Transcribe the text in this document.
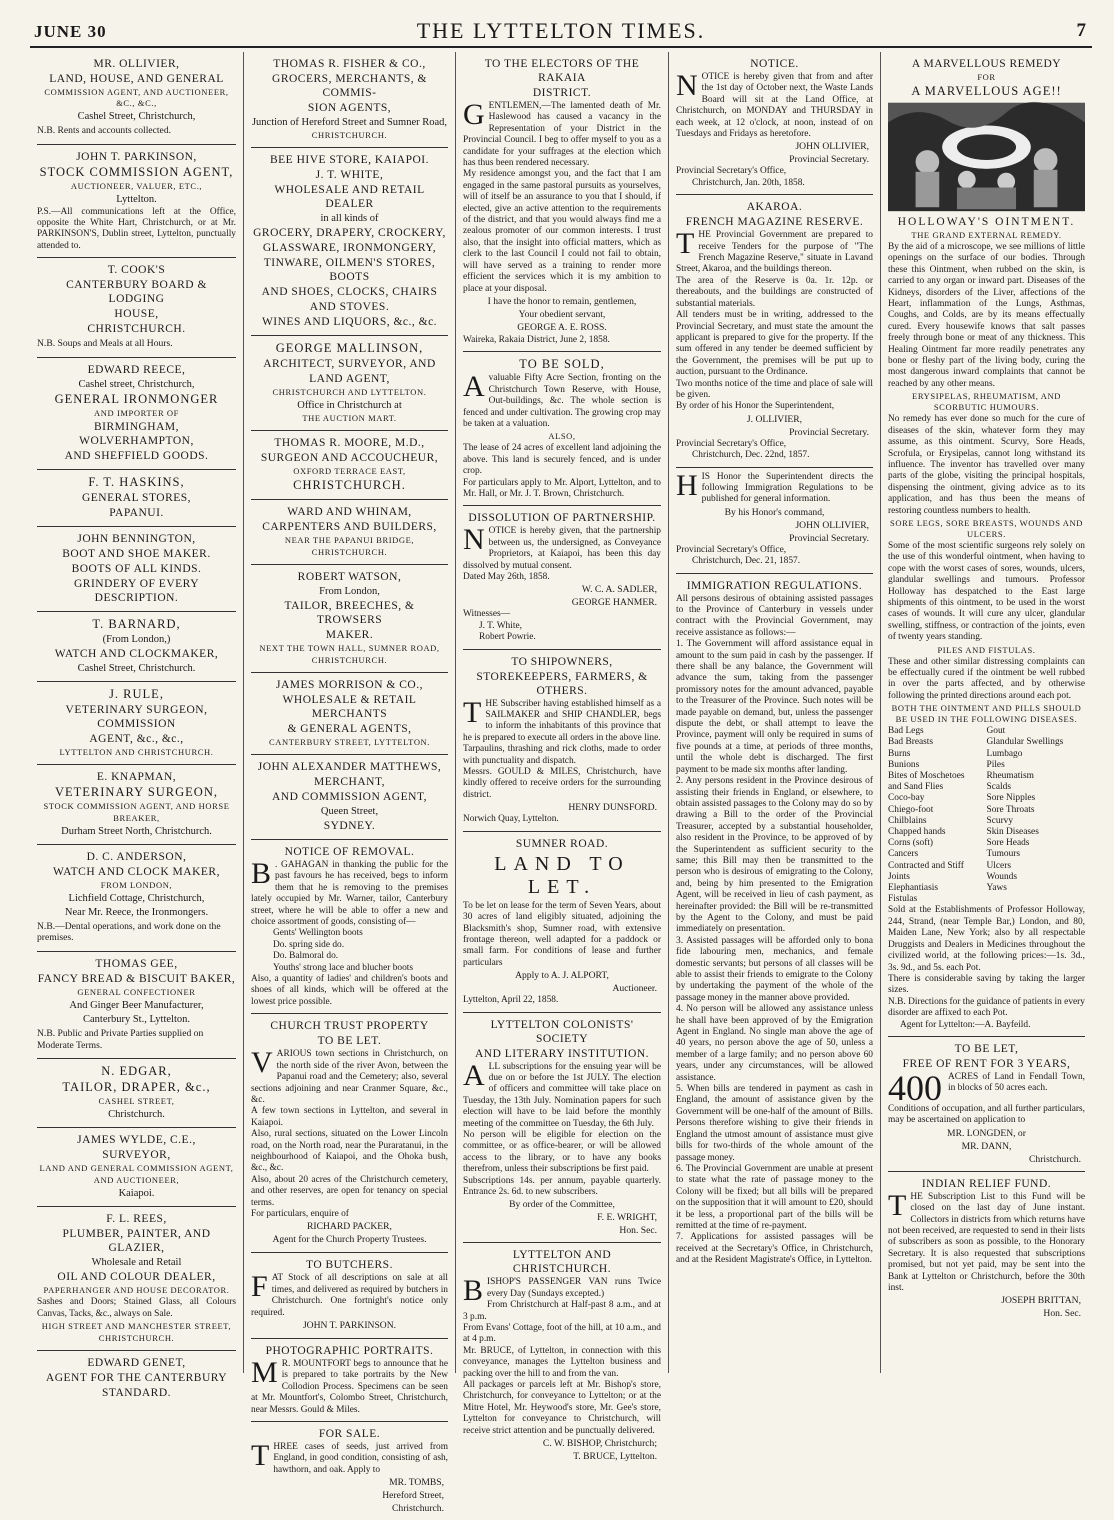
JUNE 30	THE LYTTELTON TIMES.	7

MR. OLLIVIER,

LAND, HOUSE, AND GENERAL

COMMISSION AGENT, AND AUCTIONEER, &C., &C.,

Cashel Street, Christchurch,

N.B. Rents and accounts collected.

JOHN T. PARKINSON,

STOCK COMMISSION AGENT,

AUCTIONEER, VALUER, ETC.,

Lyttelton.

P.S.—All communications left at the Office, opposite the White Hart, Christchurch, or at Mr. PARKINSON'S, Dublin street, Lyttelton, punctually attended to.

T. COOK'S

CANTERBURY BOARD & LODGING

HOUSE,

CHRISTCHURCH.

N.B. Soups and Meals at all Hours.

EDWARD REECE,

Cashel street, Christchurch,

GENERAL IRONMONGER

AND IMPORTER OF

BIRMINGHAM, WOLVERHAMPTON,

AND SHEFFIELD GOODS.

F. T. HASKINS,

GENERAL STORES,

PAPANUI.

JOHN BENNINGTON,

BOOT AND SHOE MAKER.

BOOTS OF ALL KINDS.

GRINDERY OF EVERY DESCRIPTION.

T. BARNARD,

(From London,)

WATCH AND CLOCKMAKER,

Cashel Street, Christchurch.

J. RULE,

VETERINARY SURGEON, COMMISSION

AGENT, &c., &c.,

LYTTELTON AND CHRISTCHURCH.

E. KNAPMAN,

VETERINARY SURGEON,

STOCK COMMISSION AGENT, AND HORSE

BREAKER,

Durham Street North, Christchurch.

D. C. ANDERSON,

WATCH AND CLOCK MAKER,

FROM LONDON,

Lichfield Cottage, Christchurch,

Near Mr. Reece, the Ironmongers.

N.B.—Dental operations, and work done on the premises.

THOMAS GEE,

FANCY BREAD & BISCUIT BAKER,

GENERAL CONFECTIONER

And Ginger Beer Manufacturer,

Canterbury St., Lyttelton.

N.B. Public and Private Parties supplied on Moderate Terms.

N. EDGAR,

TAILOR, DRAPER, &c.,

CASHEL STREET,

Christchurch.

JAMES WYLDE, C.E.,

SURVEYOR,

LAND AND GENERAL COMMISSION AGENT,

AND AUCTIONEER,

Kaiapoi.

F. L. REES,

PLUMBER, PAINTER, AND GLAZIER,

Wholesale and Retail

OIL AND COLOUR DEALER,

PAPERHANGER AND HOUSE DECORATOR.

Sashes and Doors; Stained Glass, all Colours Canvas, Tacks, &c., always on Sale.

HIGH STREET AND MANCHESTER STREET,

CHRISTCHURCH.

EDWARD GENET,

AGENT FOR THE CANTERBURY

STANDARD.

THOMAS R. FISHER & CO.,

GROCERS, MERCHANTS, & COMMIS-

SION AGENTS,

Junction of Hereford Street and Sumner Road,

CHRISTCHURCH.

BEE HIVE STORE, KAIAPOI.

J. T. WHITE,

WHOLESALE AND RETAIL DEALER

in all kinds of

GROCERY, DRAPERY, CROCKERY,

GLASSWARE, IRONMONGERY,

TINWARE, OILMEN'S STORES, BOOTS

AND SHOES, CLOCKS, CHAIRS

AND STOVES.

WINES AND LIQUORS, &c., &c.

GEORGE MALLINSON,

ARCHITECT, SURVEYOR, AND

LAND AGENT,

CHRISTCHURCH AND LYTTELTON.

Office in Christchurch at

THE AUCTION MART.

THOMAS R. MOORE, M.D.,

SURGEON AND ACCOUCHEUR,

OXFORD TERRACE EAST,

CHRISTCHURCH.

WARD AND WHINAM,

CARPENTERS AND BUILDERS,

NEAR THE PAPANUI BRIDGE,

CHRISTCHURCH.

ROBERT WATSON,

From London,

TAILOR, BREECHES, & TROWSERS

MAKER.

NEXT THE TOWN HALL, SUMNER ROAD,

CHRISTCHURCH.

JAMES MORRISON & CO.,

WHOLESALE & RETAIL MERCHANTS

& GENERAL AGENTS,

CANTERBURY STREET, LYTTELTON.

JOHN ALEXANDER MATTHEWS,

MERCHANT,

AND COMMISSION AGENT,

Queen Street,

SYDNEY.

NOTICE OF REMOVAL.

B . GAHAGAN in thanking the public for the past favours he has received, begs to inform them that he is removing to the premises lately occupied by Mr. Warner, tailor, Canterbury street, where he will be able to offer a new and choice assortment of goods, consisting of—

Gents' Wellington boots

Do. spring side do.

Do. Balmoral do.

Youths' strong lace and blucher boots

Also, a quantity of ladies' and children's boots and shoes of all kinds, which will be offered at the lowest price possible.

CHURCH TRUST PROPERTY

TO BE LET.

VARIOUS town sections in Christchurch, on the north side of the river Avon, between the Papanui road and the Cemetery; also, several sections adjoining and near Cranmer Square, &c., &c.

A few town sections in Lyttelton, and several in Kaiapoi.

Also, rural sections, situated on the Lower Lincoln road, on the North road, near the Puraratanui, in the neighbourhood of Kaiapoi, and the Ohoka bush, &c., &c.

Also, about 20 acres of the Christchurch cemetery, and other reserves, are open for tenancy on special terms.

For particulars, enquire of

RICHARD PACKER,

Agent for the Church Property Trustees.

TO BUTCHERS.

FAT Stock of all descriptions on sale at all times, and delivered as required by butchers in Christchurch. One fortnight's notice only required.

JOHN T. PARKINSON.

PHOTOGRAPHIC PORTRAITS.

M R. MOUNTFORT begs to announce that he is prepared to take portraits by the New Collodion Process. Specimens can be seen at Mr. Mountfort's, Colombo Street, Christchurch, near Messrs. Gould & Miles.

FOR SALE.

THREE cases of seeds, just arrived from England, in good condition, consisting of ash, hawthorn, and oak. Apply to

MR. TOMBS,

Hereford Street,

Christchurch.

TO THE ELECTORS OF THE RAKAIA

DISTRICT.

GENTLEMEN,—The lamented death of Mr. Haslewood has caused a vacancy in the Representation of your District in the Provincial Council. I beg to offer myself to you as a candidate for your suffrages at the election which has thus been rendered necessary.

My residence amongst you, and the fact that I am engaged in the same pastoral pursuits as yourselves, will of itself be an assurance to you that I should, if elected, give an active attention to the requirements of the district, and that you would always find me a zealous promoter of our common interests. I trust also, that the insight into official matters, which as clerk to the last Council I could not fail to obtain, will have served as a training to render more efficient the services which it is my ambition to place at your disposal.

I have the honor to remain, gentlemen,

Your obedient servant,

GEORGE A. E. ROSS.

Waireka, Rakaia District, June 2, 1858.

TO BE SOLD,

A valuable Fifty Acre Section, fronting on the Christchurch Town Reserve, with House, Out-buildings, &c. The whole section is fenced and under cultivation. The growing crop may be taken at a valuation.

ALSO,

The lease of 24 acres of excellent land adjoining the above. This land is securely fenced, and is under crop.

For particulars apply to Mr. Alport, Lyttelton, and to Mr. Hall, or Mr. J. T. Brown, Christchurch.

DISSOLUTION OF PARTNERSHIP.

NOTICE is hereby given, that the partnership between us, the undersigned, as Conveyance Proprietors, at Kaiapoi, has been this day dissolved by mutual consent.

Dated May 26th, 1858.

W. C. A. SADLER,

GEORGE HANMER.

Witnesses—

J. T. White,

Robert Powrie.

TO SHIPOWNERS,

STOREKEEPERS, FARMERS, & OTHERS.

THE Subscriber having established himself as a SAILMAKER and SHIP CHANDLER, begs to inform the inhabitants of this province that he is prepared to execute all orders in the above line.

Tarpaulins, thrashing and rick cloths, made to order with punctuality and dispatch.

Messrs. GOULD & MILES, Christchurch, have kindly offered to receive orders for the surrounding district.

HENRY DUNSFORD.

Norwich Quay, Lyttelton.

SUMNER ROAD.

LAND TO LET.

To be let on lease for the term of Seven Years, about 30 acres of land eligibly situated, adjoining the Blacksmith's shop, Sumner road, with extensive frontage thereon, well adapted for a paddock or small farm. For conditions of lease and further particulars

Apply to A. J. ALPORT,

Auctioneer.

Lyttelton, April 22, 1858.

LYTTELTON COLONISTS' SOCIETY

AND LITERARY INSTITUTION.

ALL subscriptions for the ensuing year will be due on or before the 1st JULY. The election of officers and committee will take place on Tuesday, the 13th July. Nomination papers for such election will have to be laid before the monthly meeting of the committee on Tuesday, the 6th July.

No person will be eligible for election on the committee, or as office-bearer, or will be allowed access to the library, or to have any books therefrom, unless their subscriptions be first paid.

Subscriptions 14s. per annum, payable quarterly. Entrance 2s. 6d. to new subscribers.

By order of the Committee,

F. E. WRIGHT,

Hon. Sec.

LYTTELTON AND CHRISTCHURCH.

BISHOP'S PASSENGER VAN runs Twice every Day (Sundays excepted.)

From Christchurch at Half-past 8 a.m., and at 3 p.m.

From Evans' Cottage, foot of the hill, at 10 a.m., and at 4 p.m.

Mr. BRUCE, of Lyttelton, in connection with this conveyance, manages the Lyttelton business and packing over the hill to and from the van.

All packages or parcels left at Mr. Bishop's store, Christchurch, for conveyance to Lyttelton; or at the Mitre Hotel, Mr. Heywood's store, Mr. Gee's store, Lyttelton for conveyance to Christchurch, will receive strict attention and be punctually delivered.

C. W. BISHOP, Christchurch;

T. BRUCE, Lyttelton.

NOTICE.

NOTICE is hereby given that from and after the 1st day of October next, the Waste Lands Board will sit at the Land Office, at Christchurch, on MONDAY and THURSDAY in each week, at 12 o'clock, at noon, instead of on Tuesdays and Fridays as heretofore.

JOHN OLLIVIER,

Provincial Secretary.

Provincial Secretary's Office,

Christchurch, Jan. 20th, 1858.

AKAROA.

FRENCH MAGAZINE RESERVE.

THE Provincial Government are prepared to receive Tenders for the purpose of "The French Magazine Reserve," situate in Lavand Street, Akaroa, and the buildings thereon.

The area of the Reserve is 0a. 1r. 12p. or thereabouts, and the buildings are constructed of substantial materials.

All tenders must be in writing, addressed to the Provincial Secretary, and must state the amount the applicant is prepared to give for the property. If the sum offered in any tender be deemed sufficient by the Government, the premises will be put up to auction, pursuant to the Ordinance.

Two months notice of the time and place of sale will be given.

By order of his Honor the Superintendent,

J. OLLIVIER,

Provincial Secretary.

Provincial Secretary's Office,

Christchurch, Dec. 22nd, 1857.

HIS Honor the Superintendent directs the following Immigration Regulations to be published for general information.

By his Honor's command,

JOHN OLLIVIER,

Provincial Secretary.

Provincial Secretary's Office,

Christchurch, Dec. 21, 1857.

IMMIGRATION REGULATIONS.

All persons desirous of obtaining assisted passages to the Province of Canterbury in vessels under contract with the Provincial Government, may receive assistance as follows:—

1. The Government will afford assistance equal in amount to the sum paid in cash by the passenger. If there shall be any balance, the Government will advance the sum, taking from the passenger promissory notes for the amount advanced, payable to the Treasurer of the Province. Such notes will be made payable on demand, but, unless the passenger dispute the debt, or shall attempt to leave the Province, payment will only be required in sums of five pounds at a time, at periods of three months, until the whole debt is discharged. The first payment to be made six months after landing.

2. Any persons resident in the Province desirous of assisting their friends in England, or elsewhere, to obtain assisted passages to the Colony may do so by drawing a Bill to the order of the Provincial Treasurer, accepted by a substantial householder, also resident in the Province, to be approved of by the Superintendent as sufficient security to the same; this Bill may then be transmitted to the person who is desirous of emigrating to the Colony, and, being by him presented to the Emigration Agent, will be received in lieu of cash payment, as hereinafter provided: the Bill will be re-transmitted by the Agent to the Colony, and must be paid immediately on presentation.

3. Assisted passages will be afforded only to bona fide labouring men, mechanics, and female domestic servants; but persons of all classes will be able to assist their friends to emigrate to the Colony by undertaking the payment of the whole of the passage money in the manner above provided.

4. No person will be allowed any assistance unless he shall have been approved of by the Emigration Agent in England. No single man above the age of 40 years, no person above the age of 50, unless a member of a large family; and no person above 60 years, under any circumstances, will be allowed assistance.

5. When bills are tendered in payment as cash in England, the amount of assistance given by the Government will be one-half of the amount of Bills. Persons therefore wishing to give their friends in England the utmost amount of assistance must give bills for two-thirds of the whole amount of the passage money.

6. The Provincial Government are unable at present to state what the rate of passage money to the Colony will be fixed; but all bills will be prepared on the supposition that it will amount to £20, should it be less, a proportional part of the bills will be remitted at the time of re-payment.

7. Applications for assisted passages will be received at the Secretary's Office, in Christchurch, and at the Resident Magistrate's Office, in Lyttelton.

A MARVELLOUS REMEDY

FOR

A MARVELLOUS AGE!!

HOLLOWAY'S OINTMENT.

THE GRAND EXTERNAL REMEDY.

By the aid of a microscope, we see millions of little openings on the surface of our bodies. Through these this Ointment, when rubbed on the skin, is carried to any organ or inward part. Diseases of the Kidneys, disorders of the Liver, affections of the Heart, inflammation of the Lungs, Asthmas, Coughs, and Colds, are by its means effectually cured. Every housewife knows that salt passes freely through bone or meat of any thickness. This Healing Ointment far more readily penetrates any bone or fleshy part of the living body, curing the most dangerous inward complaints that cannot be reached by any other means.

ERYSIPELAS, RHEUMATISM, AND SCORBUTIC HUMOURS.

No remedy has ever done so much for the cure of diseases of the skin, whatever form they may assume, as this ointment. Scurvy, Sore Heads, Scrofula, or Erysipelas, cannot long withstand its influence. The inventor has travelled over many parts of the globe, visiting the principal hospitals, dispensing the ointment, giving advice as to its application, and has thus been the means of restoring countless numbers to health.

SORE LEGS, SORE BREASTS, WOUNDS AND ULCERS.

Some of the most scientific surgeons rely solely on the use of this wonderful ointment, when having to cope with the worst cases of sores, wounds, ulcers, glandular swellings and tumours. Professor Holloway has despatched to the East large shipments of this ointment, to be used in the worst cases of wounds. It will cure any ulcer, glandular swelling, stiffness, or contraction of the joints, even of twenty years standing.

PILES AND FISTULAS.

These and other similar distressing complaints can be effectually cured if the ointment be well rubbed in over the parts affected, and by otherwise following the printed directions around each pot.

BOTH THE OINTMENT AND PILLS SHOULD BE USED IN THE FOLLOWING DISEASES.

Bad Legs
Bad Breasts
Burns
Bunions
Bites of Moschetoes
and Sand Flies
Coco-bay
Chiego-foot
Chilblains
Chapped hands
Corns (soft)
Cancers
Contracted and Stiff
Joints
Elephantiasis
Fistulas
Gout
Glandular Swellings
Lumbago
Piles
Rheumatism
Scalds
Sore Nipples
Sore Throats
Scurvy
Skin Diseases
Sore Heads
Tumours
Ulcers
Wounds
Yaws

Sold at the Establishments of Professor Holloway, 244, Strand, (near Temple Bar,) London, and 80, Maiden Lane, New York; also by all respectable Druggists and Dealers in Medicines throughout the civilized world, at the following prices:—1s. 3d., 3s. 9d., and 5s. each Pot.

There is considerable saving by taking the larger sizes.

N.B. Directions for the guidance of patients in every disorder are affixed to each Pot.

Agent for Lyttelton:—A. Bayfeild.

TO BE LET,

FREE OF RENT FOR 3 YEARS,

400 ACRES of Land in Fendall Town, in blocks of 50 acres each.

Conditions of occupation, and all further particulars, may be ascertained on application to

MR. LONGDEN, or

MR. DANN,

Christchurch.

INDIAN RELIEF FUND.

THE Subscription List to this Fund will be closed on the last day of June instant. Collectors in districts from which returns have not been received, are requested to send in their lists of subscribers as soon as possible, to the Honorary Secretary. It is also requested that subscriptions promised, but not yet paid, may be sent into the Bank at Lyttelton or Christchurch, before the 30th inst.

JOSEPH BRITTAN,

Hon. Sec.
